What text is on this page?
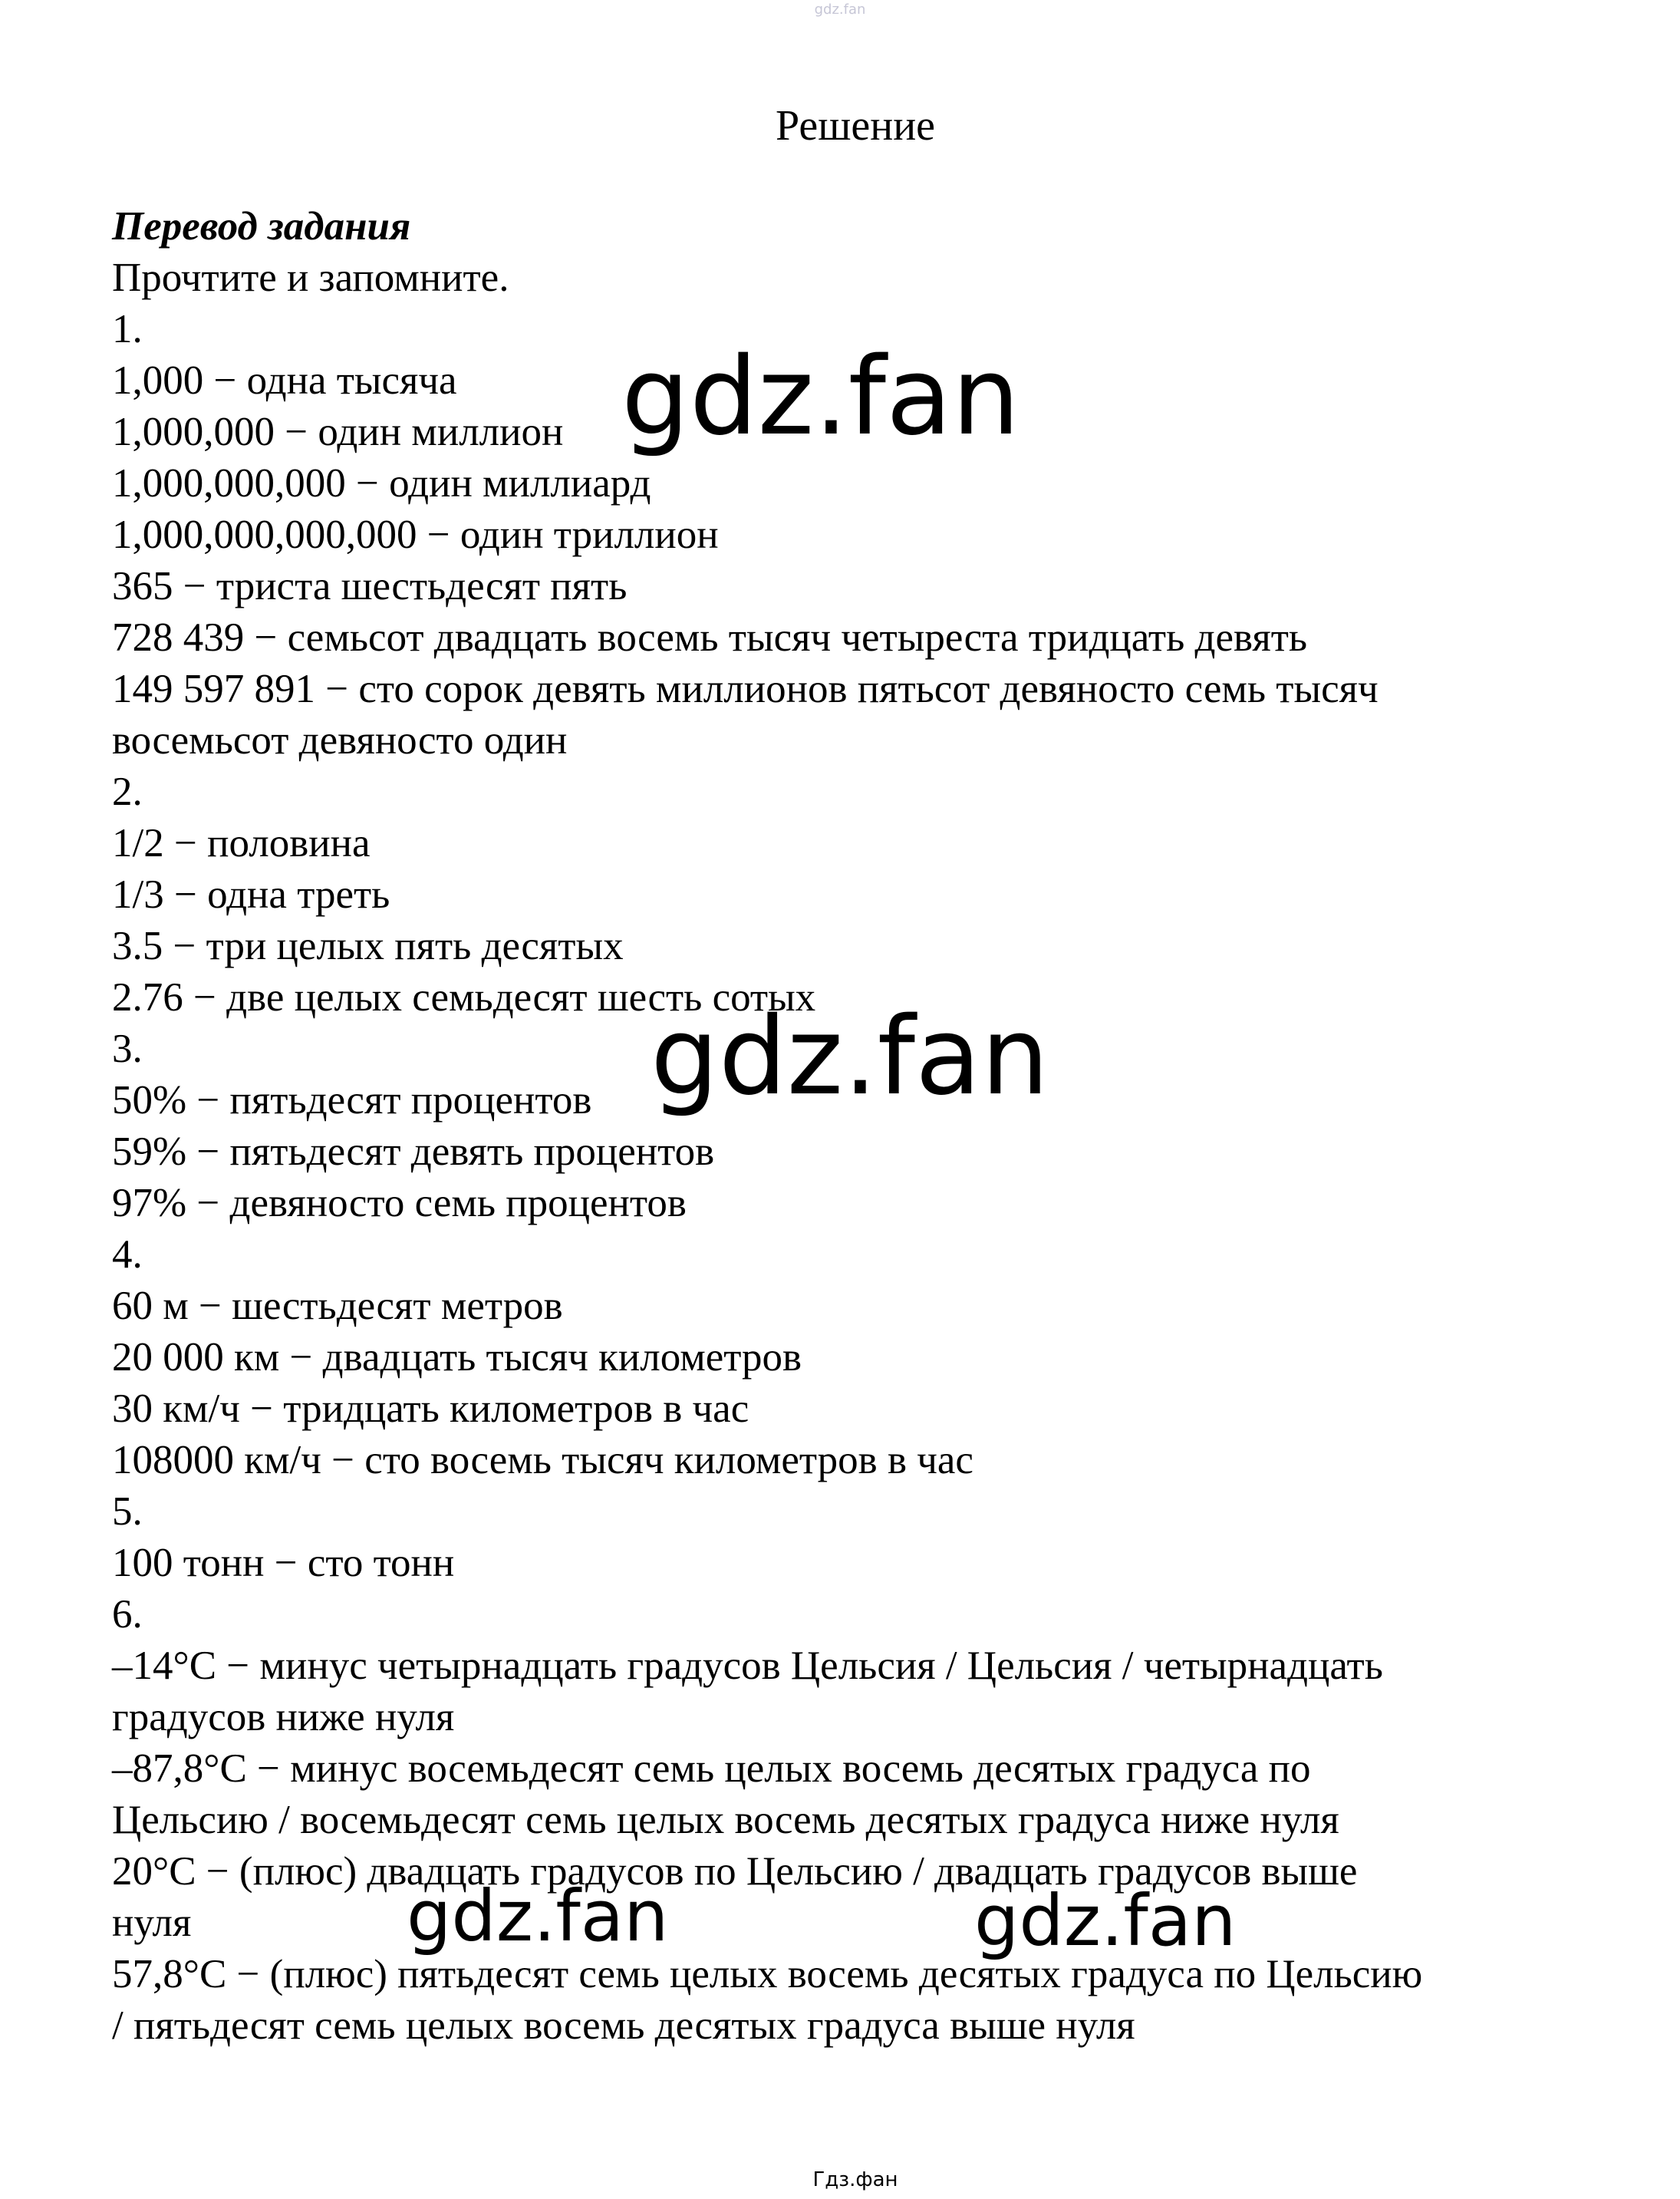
gdz.fan
Решение
Перевод задания
Прочтите и запомните.
1.
1,000 − одна тысяча
1,000,000 − один миллион
1,000,000,000 − один миллиард
1,000,000,000,000 − один триллион
365 − триста шестьдесят пять
728 439 − семьсот двадцать восемь тысяч четыреста тридцать девять
149 597 891 − сто сорок девять миллионов пятьсот девяносто семь тысяч
восемьсот девяносто один
2.
1/2 − половина
1/3 − одна треть
3.5 − три целых пять десятых
2.76 − две целых семьдесят шесть сотых
3.
50% − пятьдесят процентов
59% − пятьдесят девять процентов
97% − девяносто семь процентов
4.
60 м − шестьдесят метров
20 000 км − двадцать тысяч километров
30 км/ч − тридцать километров в час
108000 км/ч − сто восемь тысяч километров в час
5.
100 тонн − сто тонн
6.
–14°С − минус четырнадцать градусов Цельсия / Цельсия / четырнадцать
градусов ниже нуля
–87,8°С − минус восемьдесят семь целых восемь десятых градуса по
Цельсию / восемьдесят семь целых восемь десятых градуса ниже нуля
20°С − (плюс) двадцать градусов по Цельсию / двадцать градусов выше
нуля
57,8°С − (плюс) пятьдесят семь целых восемь десятых градуса по Цельсию
/ пятьдесят семь целых восемь десятых градуса выше нуля
gdz.fan
gdz.fan
gdz.fan	gdz.fan
Гдз.фан
